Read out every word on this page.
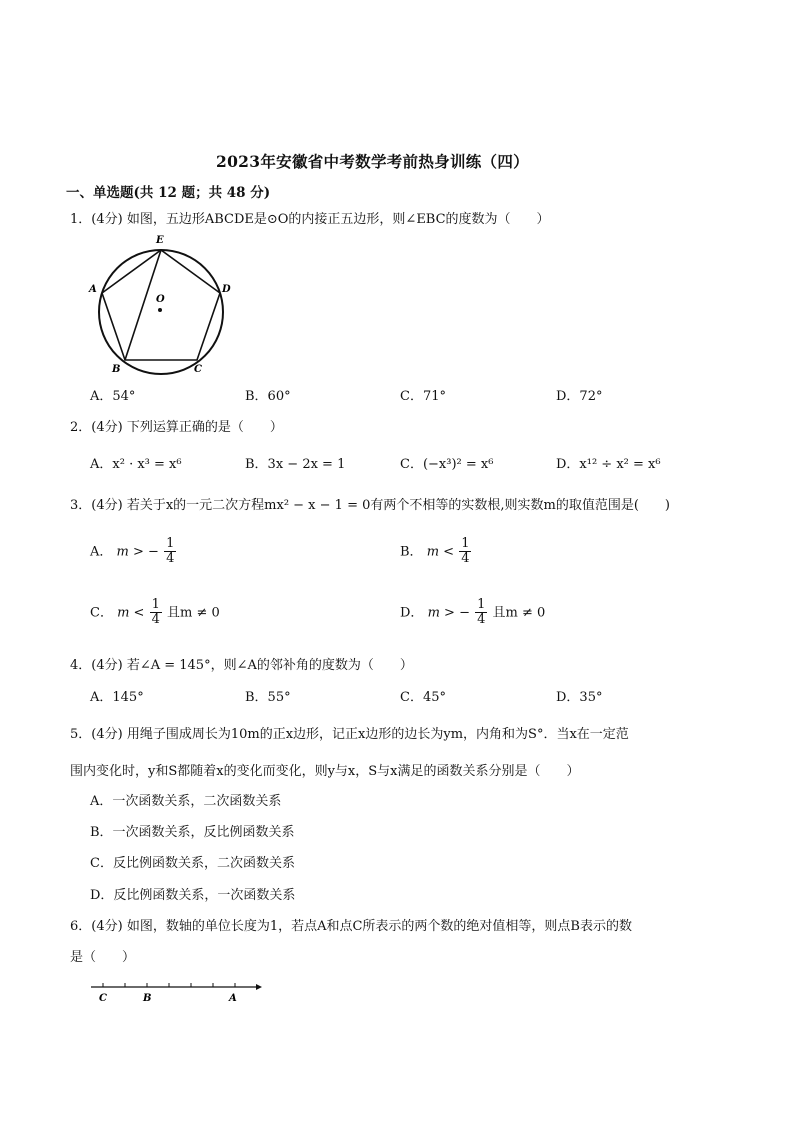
2023年安徽省中考数学考前热身训练（四）
一、单选题(共 12 题；共 48 分)
1．(4分) 如图，五边形ABCDE是⊙O的内接正五边形，则∠EBC的度数为（　　）
E
D
A
O
B	C
A．54°	B．60°	C．71°	D．72°
2．(4分) 下列运算正确的是（　　）
A．x² · x³ = x⁶	B．3x − 2x = 1	C．(−x³)² = x⁶	D．x¹² ÷ x² = x⁶
3．(4分) 若关于x的一元二次方程mx² − x − 1 = 0有两个不相等的实数根,则实数m的取值范围是(　　)
A． m > − $\frac{1}{4}$	B． $m < \frac{1}{4}$
C． $m < \frac{1}{4}$ 且m ≠ 0	D． m > − $\frac{1}{4}$ 且m ≠ 0
4．(4分) 若∠A = 145°，则∠A的邻补角的度数为（　　）
A．145°	B．55°	C．45°	D．35°
5．(4分) 用绳子围成周长为10m的正x边形，记正x边形的边长为ym，内角和为S°．当x在一定范
围内变化时，y和S都随着x的变化而变化，则y与x，S与x满足的函数关系分别是（　　）
A．一次函数关系，二次函数关系
B．一次函数关系，反比例函数关系
C．反比例函数关系，二次函数关系
D．反比例函数关系，一次函数关系
6．(4分) 如图，数轴的单位长度为1，若点A和点C所表示的两个数的绝对值相等，则点B表示的数
是（　　）
C	B	A
